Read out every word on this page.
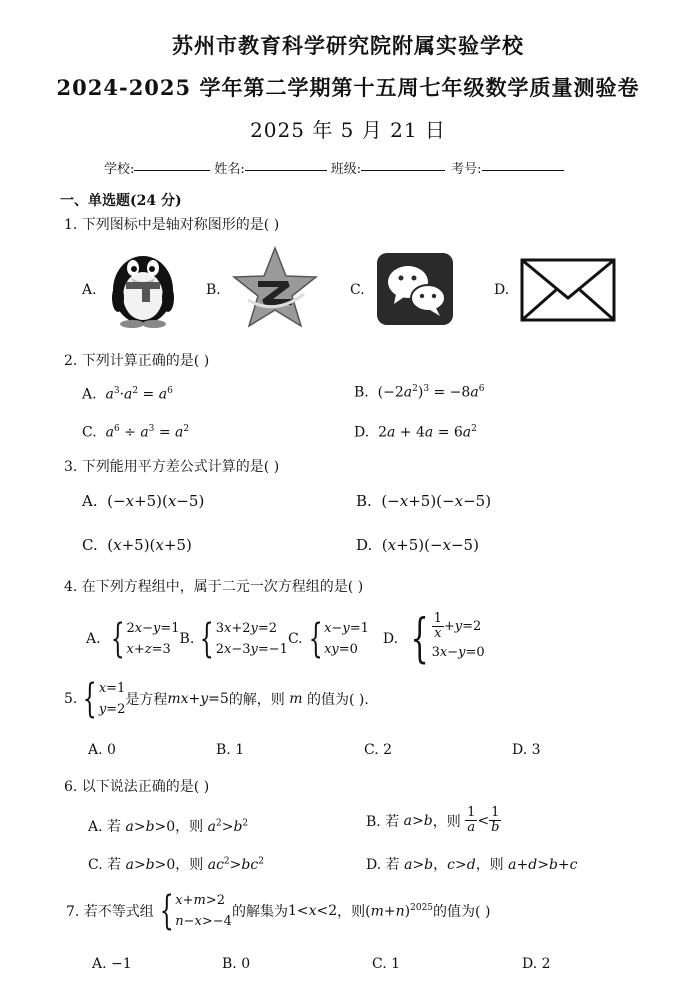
苏州市教育科学研究院附属实验学校
2024-2025 学年第二学期第十五周七年级数学质量测验卷
2025 年 5 月 21 日
学校:	姓名:	班级:	考号:
一、单选题(24 分)
1. 下列图标中是轴对称图形的是( )
A.	B.	C.	D.
2. 下列计算正确的是( )
A.  $a^3\cdot a^2 = a^6$	B.  $(-2a^2)^3 = -8a^6$
C.  $a^6 \div a^3 = a^2$	D.  $2a + 4a = 6a^2$
3. 下列能用平方差公式计算的是( )
A.  (−x+5)(x−5)	B.  (−x+5)(−x−5)
C.  (x+5)(x+5)	D.  (x+5)(−x−5)
4. 在下列方程组中，属于二元一次方程组的是( )
A. { 2x−y=1
x+z=3
B. { 3x+2y=2
2x−3y=−1
C. { x−y=1
xy=0
D. { $\frac{1}{x} +y=2$
3x−y=0
5. { x=1
y=2
是方程 mx+y=5 的解，则 m 的值为( ).
A. 0	B. 1	C. 2	D. 3
6. 以下说法正确的是( )
A. 若 a>b>0，则 $a^2>b^2$	B. 若 a > b ，则 $\frac{1}{a} < \frac{1}{b}$
C. 若 a>b>0，则 $ac^2>bc^2$	D. 若 a>b，c>d，则 a+d>b+c
7. 若不等式组 { x+m>2
n−x>−4
的解集为 1<x<2 ，则 $(m+n)^{2025}$ 的值为( )
A. −1	B. 0	C. 1	D. 2
